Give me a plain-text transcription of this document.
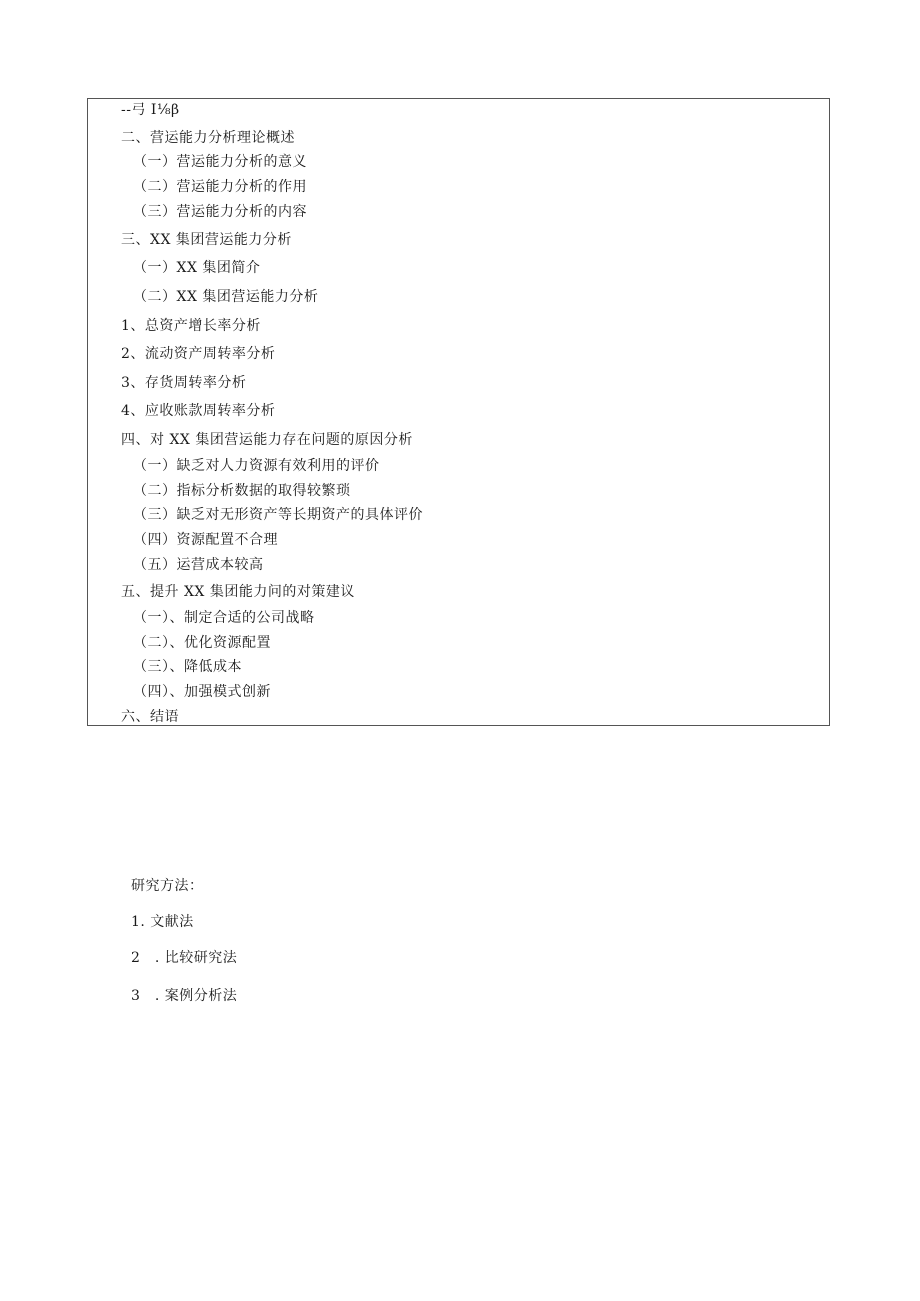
--弓 I⅛β
二、营运能力分析理论概述
（一）营运能力分析的意义
（二）营运能力分析的作用
（三）营运能力分析的内容
三、XX 集团营运能力分析
（一）XX 集团简介
（二）XX 集团营运能力分析
1、总资产增长率分析
2、流动资产周转率分析
3、存货周转率分析
4、应收账款周转率分析
四、对 XX 集团营运能力存在问题的原因分析
（一）缺乏对人力资源有效利用的评价
（二）指标分析数据的取得较繁琐
（三）缺乏对无形资产等长期资产的具体评价
（四）资源配置不合理
（五）运营成本较高
五、提升 XX 集团能力问的对策建议
（一）、制定合适的公司战略
（二）、优化资源配置
（三）、降低成本
（四）、加强模式创新
六、结语
研究方法：
1. 文献法
2　. 比较研究法
3　. 案例分析法
